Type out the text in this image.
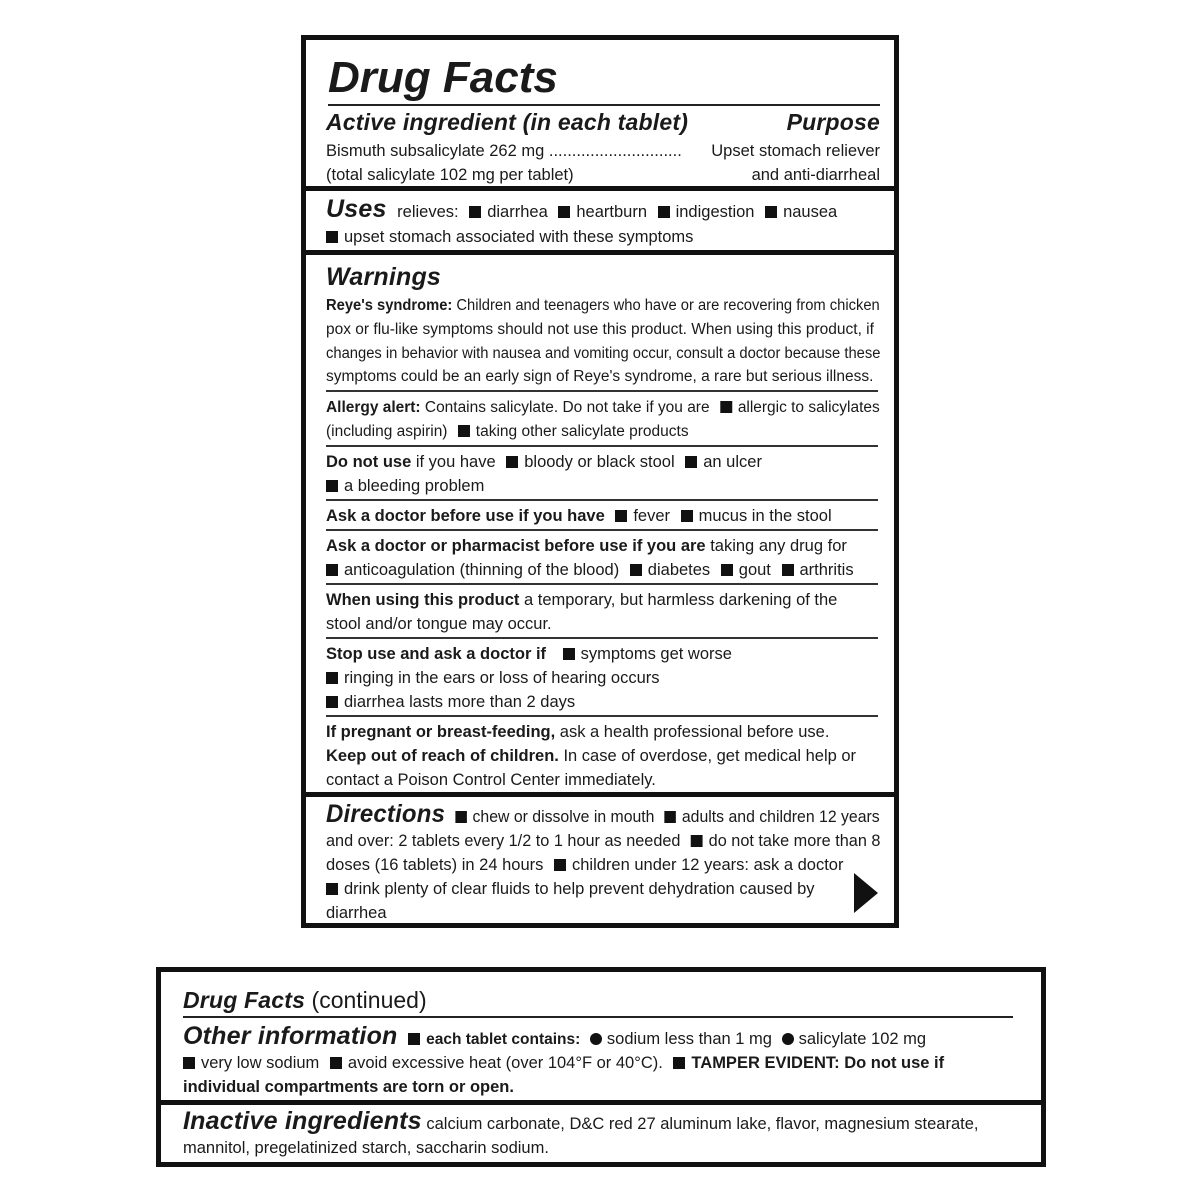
Drug Facts
Active ingredient (in each tablet)	Purpose
Bismuth subsalicylate 262 mg ............................. Upset stomach reliever
(total salicylate 102 mg per tablet)	and anti-diarrheal
Uses relieves: diarrhea heartburn indigestion nausea
upset stomach associated with these symptoms
Warnings
Reye's syndrome: Children and teenagers who have or are recovering from chicken
pox or flu-like symptoms should not use this product. When using this product, if
changes in behavior with nausea and vomiting occur, consult a doctor because these
symptoms could be an early sign of Reye's syndrome, a rare but serious illness.
Allergy alert: Contains salicylate. Do not take if you are allergic to salicylates
(including aspirin) taking other salicylate products
Do not use if you have bloody or black stool an ulcer
a bleeding problem
Ask a doctor before use if you have fever mucus in the stool
Ask a doctor or pharmacist before use if you are taking any drug for
anticoagulation (thinning of the blood) diabetes gout arthritis
When using this product a temporary, but harmless darkening of the
stool and/or tongue may occur.
Stop use and ask a doctor if symptoms get worse
ringing in the ears or loss of hearing occurs
diarrhea lasts more than 2 days
If pregnant or breast-feeding, ask a health professional before use.
Keep out of reach of children. In case of overdose, get medical help or
contact a Poison Control Center immediately.
Directions chew or dissolve in mouth adults and children 12 years
and over: 2 tablets every 1/2 to 1 hour as needed do not take more than 8
doses (16 tablets) in 24 hours children under 12 years: ask a doctor
drink plenty of clear fluids to help prevent dehydration caused by
diarrhea
Drug Facts (continued)
Other information each tablet contains: sodium less than 1 mg salicylate 102 mg
very low sodium avoid excessive heat (over 104°F or 40°C). TAMPER EVIDENT: Do not use if
individual compartments are torn or open.
Inactive ingredients calcium carbonate, D&C red 27 aluminum lake, flavor, magnesium stearate,
mannitol, pregelatinized starch, saccharin sodium.
